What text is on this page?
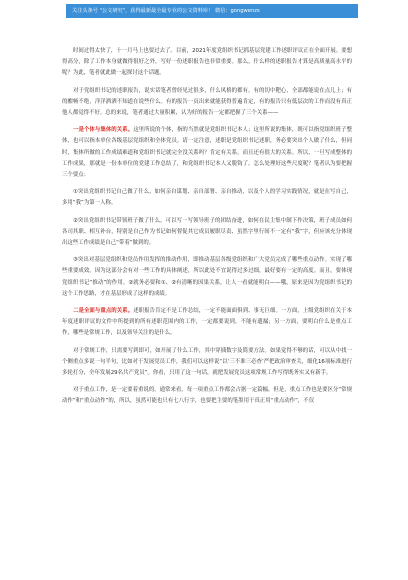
关注头条号 "公文研究"，获得最新最全最专业的公文资料库！ 微信：gongwenzs

时间过得太快了，十一月马上也要过去了。目前，2021年度党组织书记抓基层党建工作述职评议正在全面开展。要想得高分，除了工作本身就做得很好之外，写好一份述职报告也非常重要。那么，什么样的述职报告才算是高质量高水平的呢？为此，笔者就此做一起探讨这个话题。

对于党组织书记的述职报告，说实话笔者曾经见过很多，什么风格的都有。有的切中靶心，全部都能说在点儿上；有的酣畅不绝，洋洋洒洒不知道在说些什么。有的报告一页出来就能获得普遍肯定，有的报告只有低层次的工作而没有真正他人都觉得不好。总的来说，笔者通过大量积累，认为好的报告一定都把握了三个关系——

一是个体与集体的关系。这里所说的个体，指的当然就是党组织书记本人；这里所说的集体，既可以指党组织班子整体，也可以指本单位各级基层党组织和全体党员。请一定注意，述职是党组织书记述职，务必要突出个人做了什么，但同时，集体所做的工作成绩难道和党组织书记就完全没关系吗？肯定有关系，而且还有很大的关系。所以，一旦写成整体的工作成果，那就是一份本单位的党建工作总结了，和党组织书记本人又脱钩了。怎么处理好这些尺度呢？笔者认为要把握三个要点：

①突出党组织书记自己做了什么，如何亲自谋划、亲自部署、亲自推动，以及个人的学习实践情况，就是在写自己，多用“我”为第一人称。

②突出党组织书记带领班子做了什么，可以写一写领导班子的团结奋进，如何在民主集中制下作决策，班子成员如何各司其职、相互补台，特别是自己作为书记如何督促其它成员履职尽责、虽然字里行间不一定有“我”字，但应该充分体现出这些工作成绩是自己“带着”做到的。

③突出对基层党组织和党员作用发挥的推动作用，即推动基层各级党组织和广大党员完成了哪些重点动作。实现了哪些重要成效。因为这部分会有对一些工作的具体阐述，所以此处不宜说得过多过细，最好要有一定的高度。而且，要体现党组织书记“推动”的作用。②就务必要和①、②有清晰的因果关系，让人一看就能明白——哦，原来是因为党组织书记的这个工作思路，才在基层形成了这样的成绩。

二是全面与重点的关系。述职报告肯定不是工作总结，一定不能面面俱到、事无巨细。一方面，上级党组织在关于本年度述职评议的文件中所提到的所有述职范围内的工作，一定都要说到，不能有遗漏；另一方面，要明白什么是重点工作，哪些是常规工作，以及领导关注的是什么。

对于常规工作，只需要写到即可，如开展了什么工作，其中穿插数字及简要方法。如果觉得不够的话，可以从中找一个侧重点多说一句半句，比如对于发展党员工作，我们可以这样说“以‘三不准三必查’严把政治审查关，细化16项标准进行多轮打分，全年发展29名共产党员”。你看，只用了这一句话，就把发展党员这项常规工作写得既务实又有新手。

对于重点工作，是一定要着重说的。通常来看，每一项重点工作都会占据一定篇幅。但是，重点工作也是要区分“常规动作”和“重点动作”的，所以，虽然可能也只有七八行字，也要把主要的笔墨用于真正用“重点动作”，不仅
